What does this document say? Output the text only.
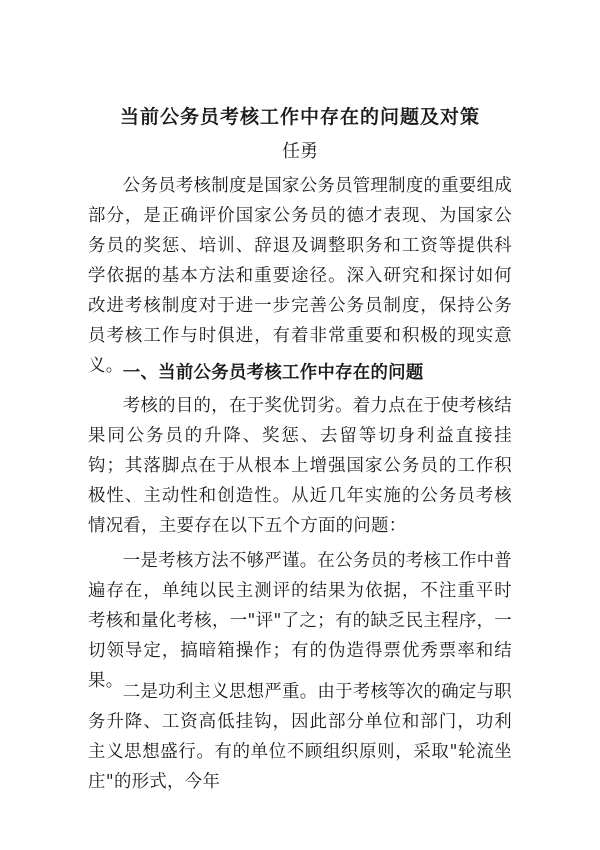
当前公务员考核工作中存在的问题及对策
任勇

公务员考核制度是国家公务员管理制度的重要组成部分，是正确评价国家公务员的德才表现、为国家公务员的奖惩、培训、辞退及调整职务和工资等提供科学依据的基本方法和重要途径。深入研究和探讨如何改进考核制度对于进一步完善公务员制度，保持公务员考核工作与时俱进，有着非常重要和积极的现实意义。 一、当前公务员考核工作中存在的问题

考核的目的，在于奖优罚劣。着力点在于使考核结果同公务员的升降、奖惩、去留等切身利益直接挂钩；其落脚点在于从根本上增强国家公务员的工作积极性、主动性和创造性。从近几年实施的公务员考核情况看，主要存在以下五个方面的问题：

一是考核方法不够严谨。在公务员的考核工作中普遍存在，单纯以民主测评的结果为依据，不注重平时考核和量化考核，一"评"了之；有的缺乏民主程序，一切领导定，搞暗箱操作；有的伪造得票优秀票率和结果。

二是功利主义思想严重。由于考核等次的确定与职务升降、工资高低挂钩，因此部分单位和部门，功利主义思想盛行。有的单位不顾组织原则，采取"轮流坐庄"的形式，今年
